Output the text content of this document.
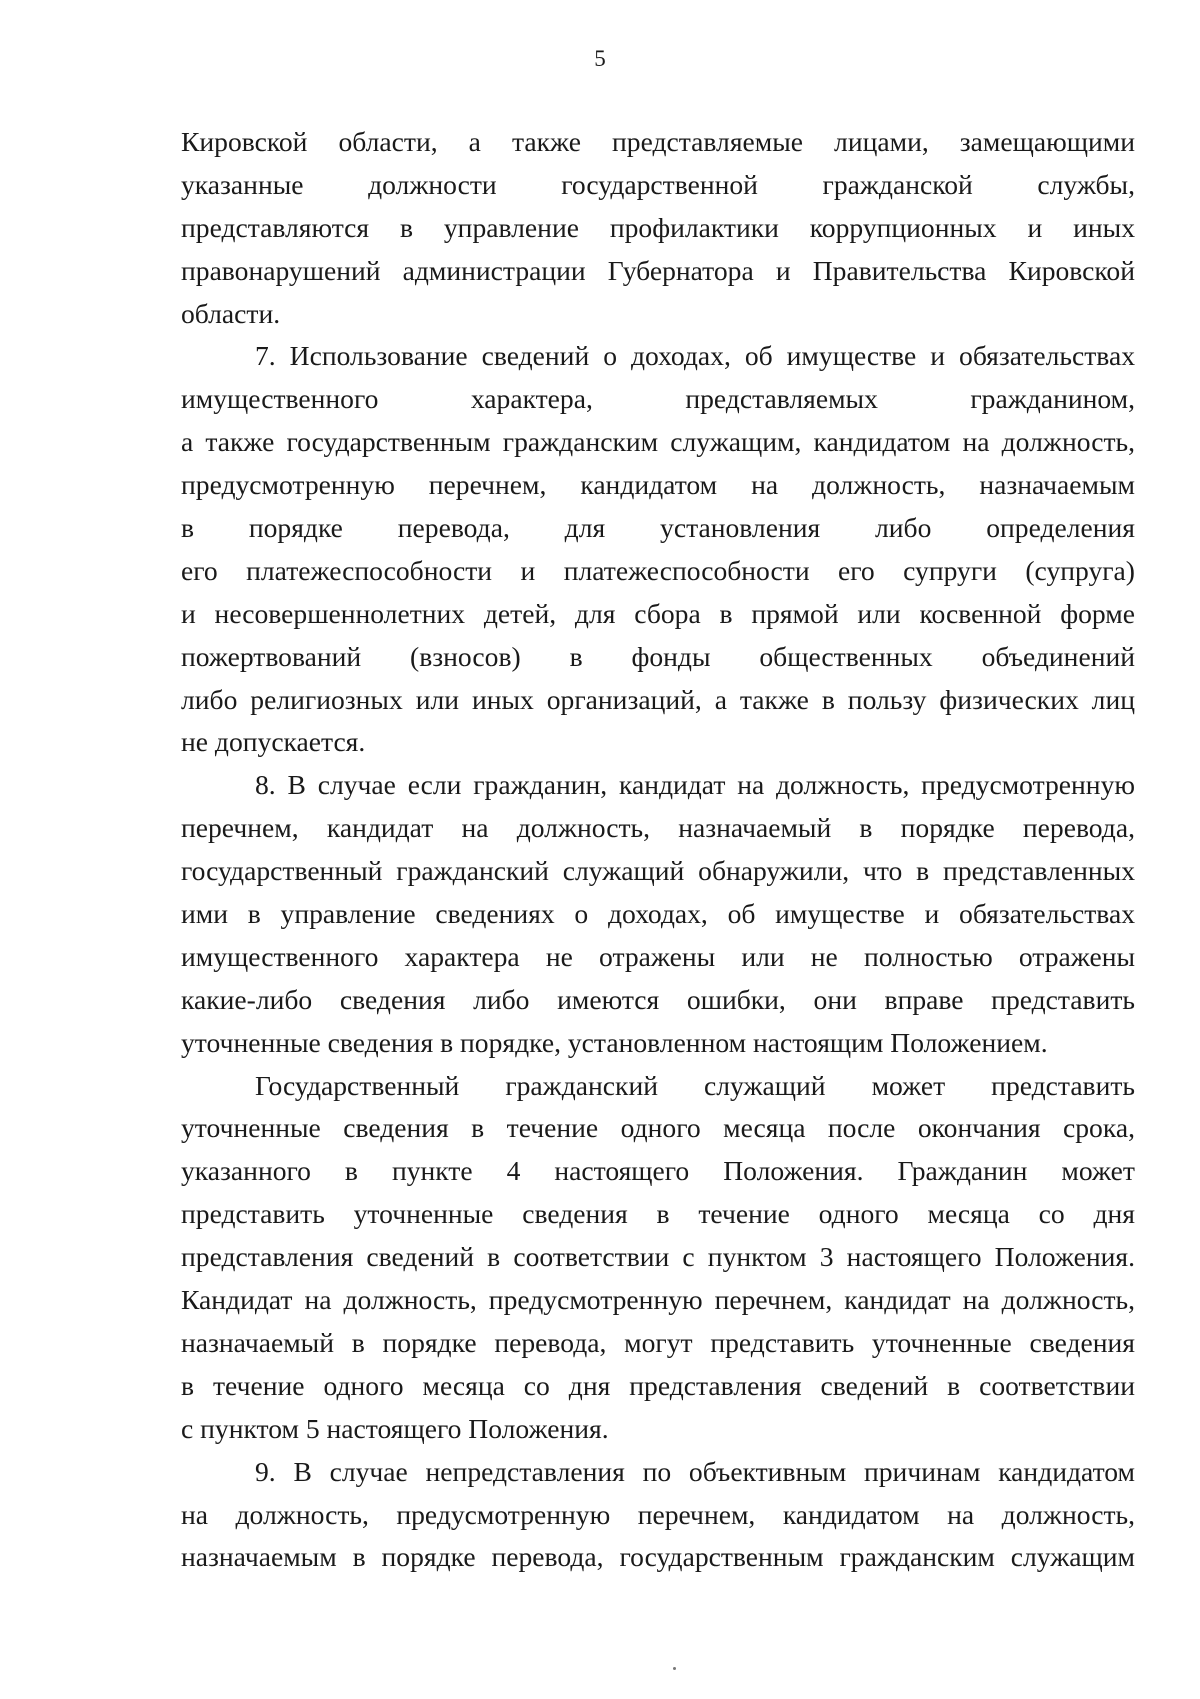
5
Кировской области, а также представляемые лицами, замещающими
указанные должности государственной гражданской службы,
представляются в управление профилактики коррупционных и иных
правонарушений администрации Губернатора и Правительства Кировской
области.
7. Использование сведений о доходах, об имуществе и обязательствах
имущественного характера, представляемых гражданином,
а также государственным гражданским служащим, кандидатом на должность,
предусмотренную перечнем, кандидатом на должность, назначаемым
в порядке перевода, для установления либо определения
его платежеспособности и платежеспособности его супруги (супруга)
и несовершеннолетних детей, для сбора в прямой или косвенной форме
пожертвований (взносов) в фонды общественных объединений
либо религиозных или иных организаций, а также в пользу физических лиц
не допускается.
8. В случае если гражданин, кандидат на должность, предусмотренную
перечнем, кандидат на должность, назначаемый в порядке перевода,
государственный гражданский служащий обнаружили, что в представленных
ими в управление сведениях о доходах, об имуществе и обязательствах
имущественного характера не отражены или не полностью отражены
какие-либо сведения либо имеются ошибки, они вправе представить
уточненные сведения в порядке, установленном настоящим Положением.
Государственный гражданский служащий может представить
уточненные сведения в течение одного месяца после окончания срока,
указанного в пункте 4 настоящего Положения. Гражданин может
представить уточненные сведения в течение одного месяца со дня
представления сведений в соответствии с пунктом 3 настоящего Положения.
Кандидат на должность, предусмотренную перечнем, кандидат на должность,
назначаемый в порядке перевода, могут представить уточненные сведения
в течение одного месяца со дня представления сведений в соответствии
с пунктом 5 настоящего Положения.
9. В случае непредставления по объективным причинам кандидатом
на должность, предусмотренную перечнем, кандидатом на должность,
назначаемым в порядке перевода, государственным гражданским служащим
